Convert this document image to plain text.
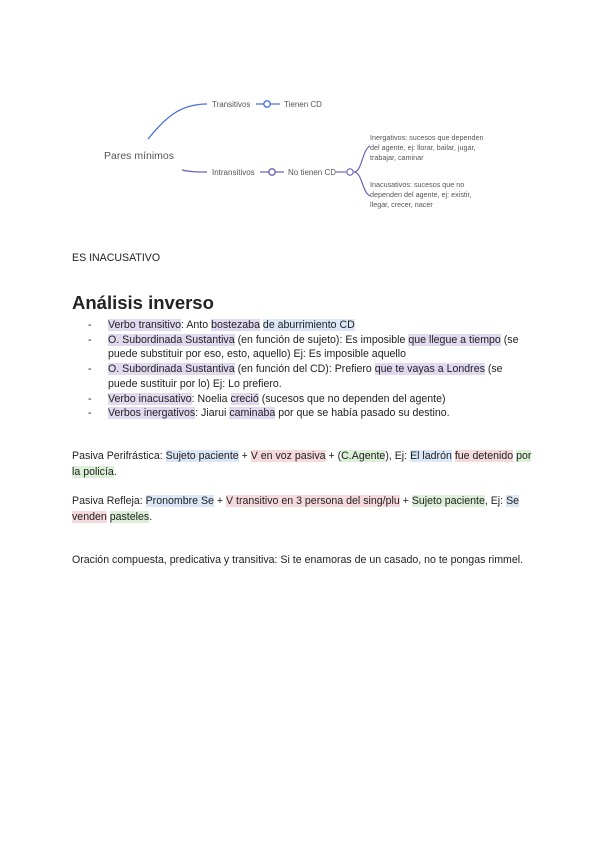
Pares mínimos
Transitivos	Tienen CD
Intransitivos	No tienen CD
Inergativos: sucesos que dependen
del agente, ej: llorar, bailar, jugar,
trabajar, caminar
Inacusativos: sucesos que no
dependen del agente, ej: existir,
llegar, crecer, nacer
ES INACUSATIVO
Análisis inverso
- Verbo transitivo: Anto bostezaba de aburrimiento CD
- O. Subordinada Sustantiva (en función de sujeto): Es imposible que llegue a tiempo (se puede substituir por eso, esto, aquello) Ej: Es imposible aquello
- O. Subordinada Sustantiva (en función del CD): Prefiero que te vayas a Londres (se puede sustituir por lo) Ej: Lo prefiero.
- Verbo inacusativo: Noelia creció (sucesos que no dependen del agente)
- Verbos inergativos: Jiarui caminaba por que se había pasado su destino.
Pasiva Perifrástica: Sujeto paciente + V en voz pasiva + (C.Agente), Ej: El ladrón fue detenido por la policía.
Pasiva Refleja: Pronombre Se + V transitivo en 3 persona del sing/plu + Sujeto paciente, Ej: Se venden pasteles.
Oración compuesta, predicativa y transitiva: Si te enamoras de un casado, no te pongas rimmel.
